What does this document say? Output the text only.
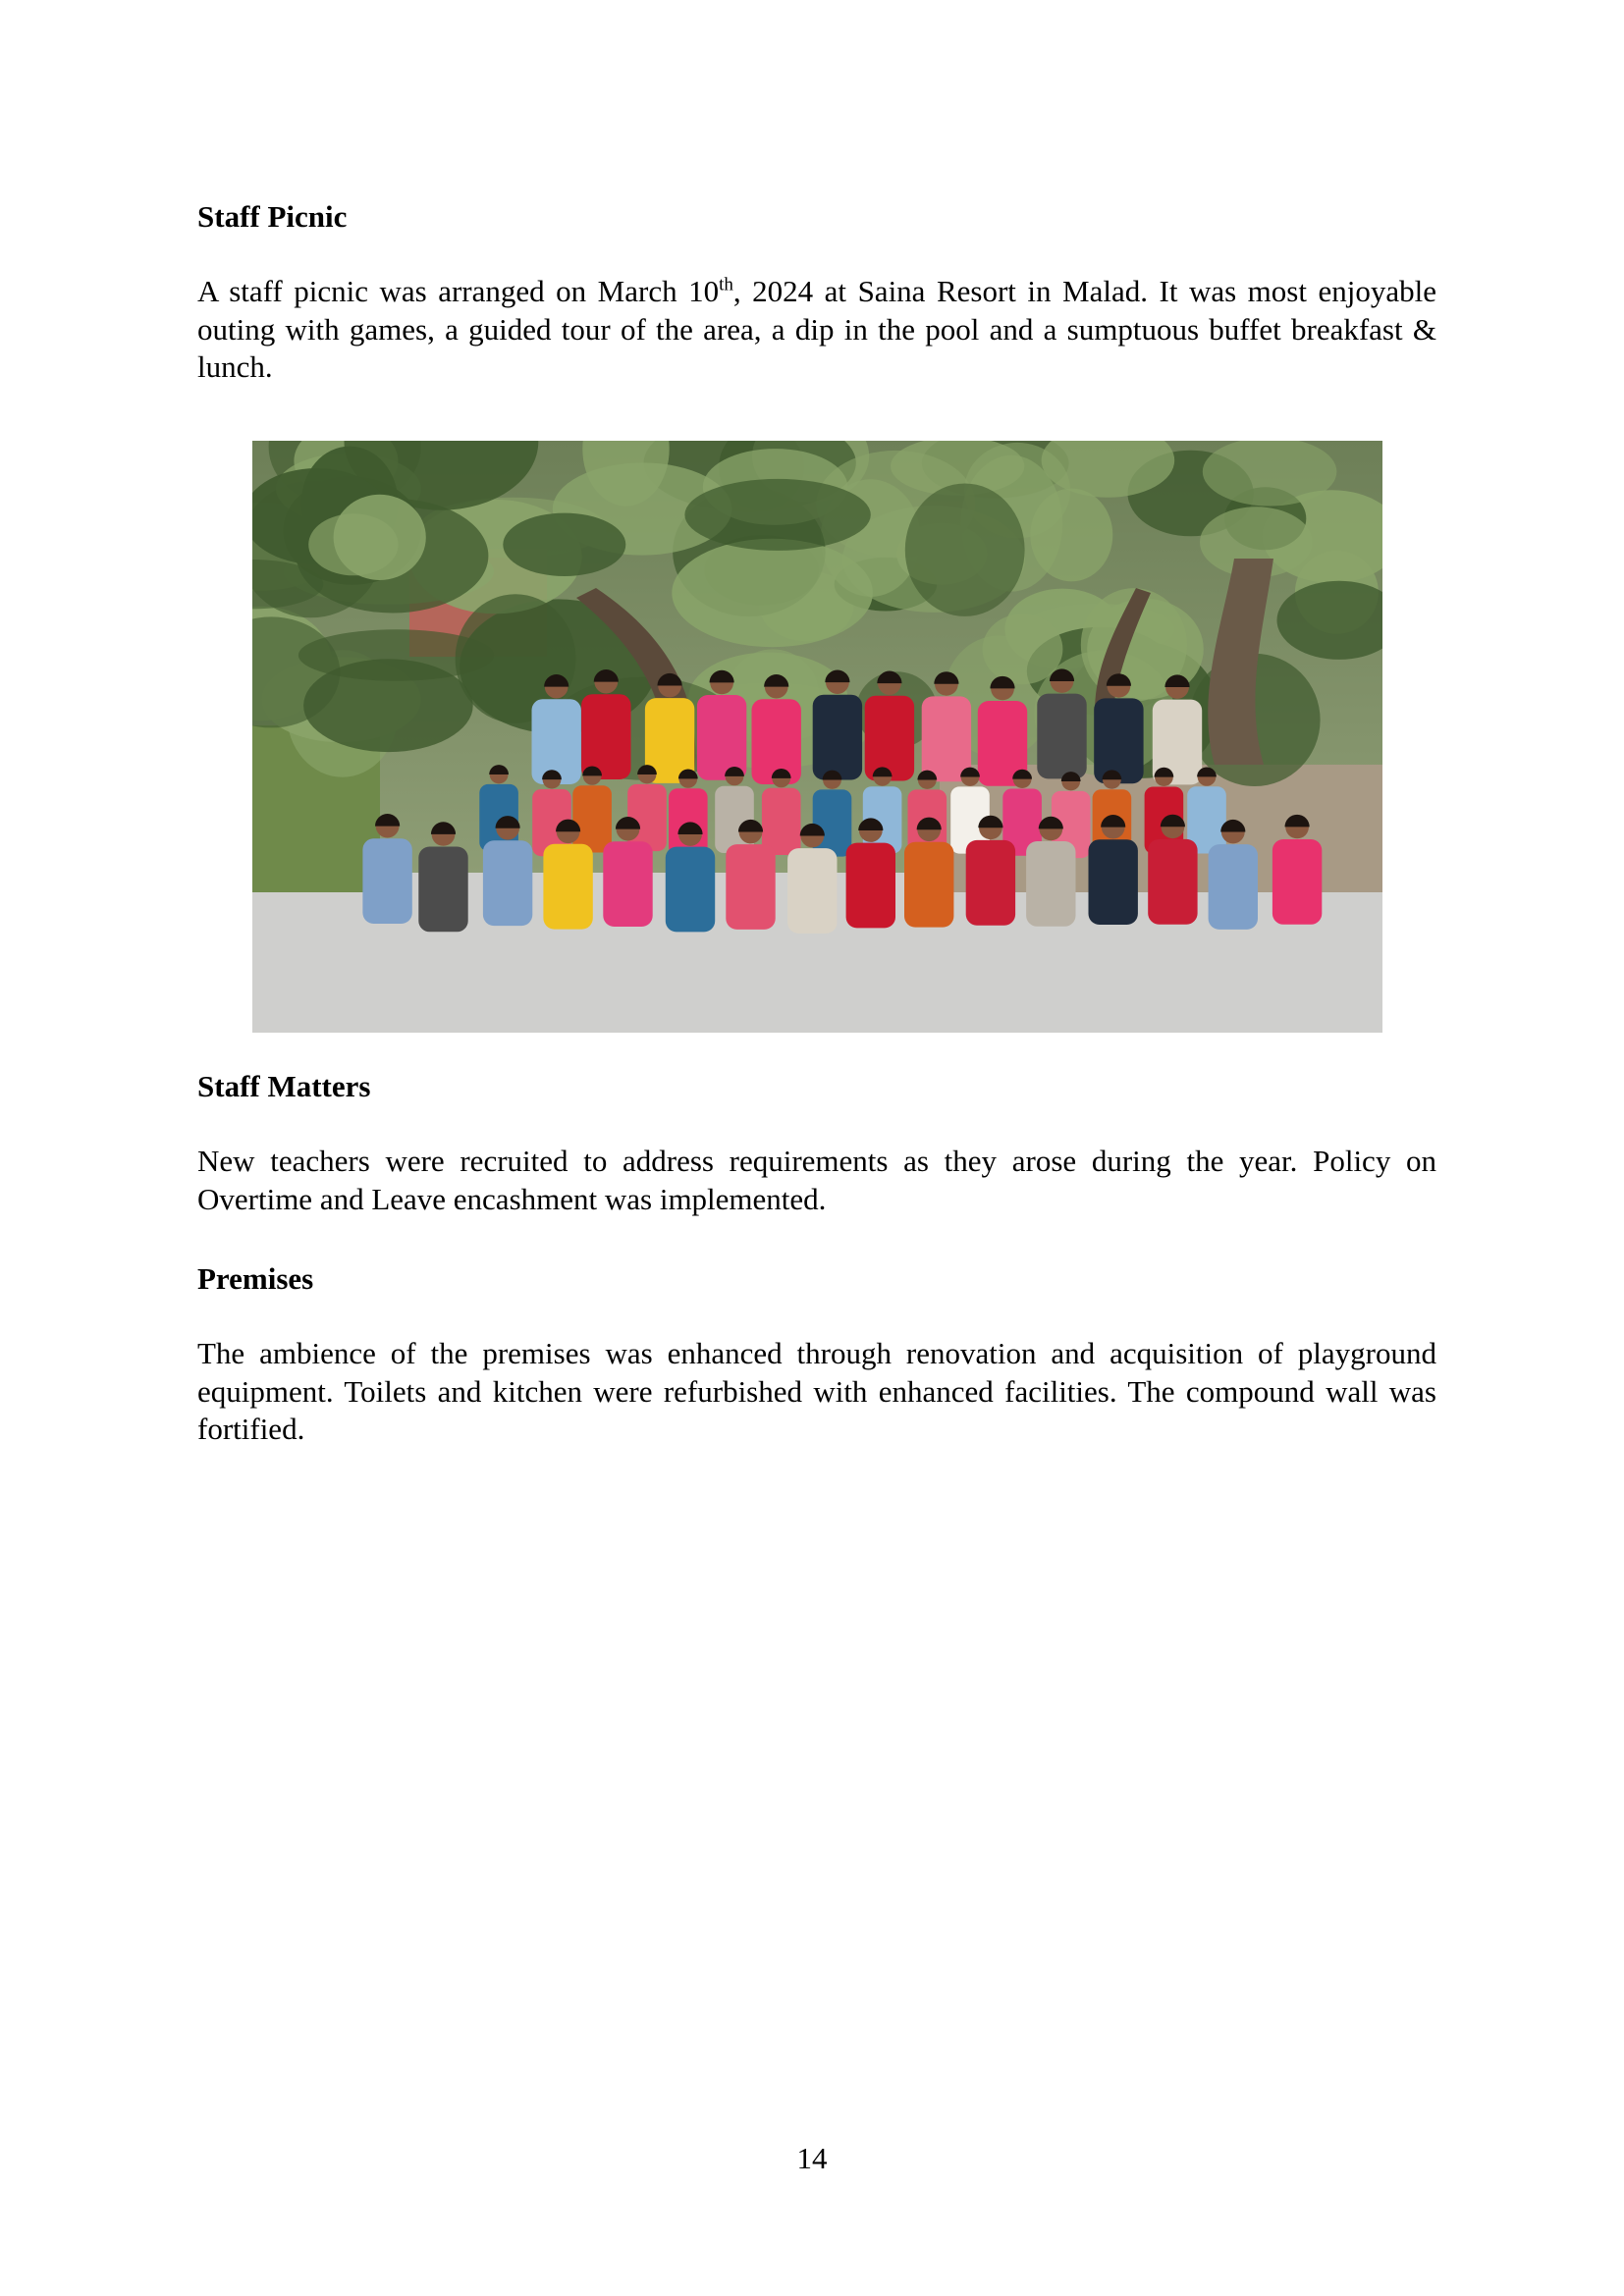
Staff Picnic

A staff picnic was arranged on March 10th, 2024 at Saina Resort in Malad. It was most enjoyable outing with games, a guided tour of the area, a dip in the pool and a sumptuous buffet breakfast & lunch.

Staff Matters

New teachers were recruited to address requirements as they arose during the year. Policy on Overtime and Leave encashment was implemented.

Premises

The ambience of the premises was enhanced through renovation and acquisition of playground equipment. Toilets and kitchen were refurbished with enhanced facilities. The compound wall was fortified.

14
